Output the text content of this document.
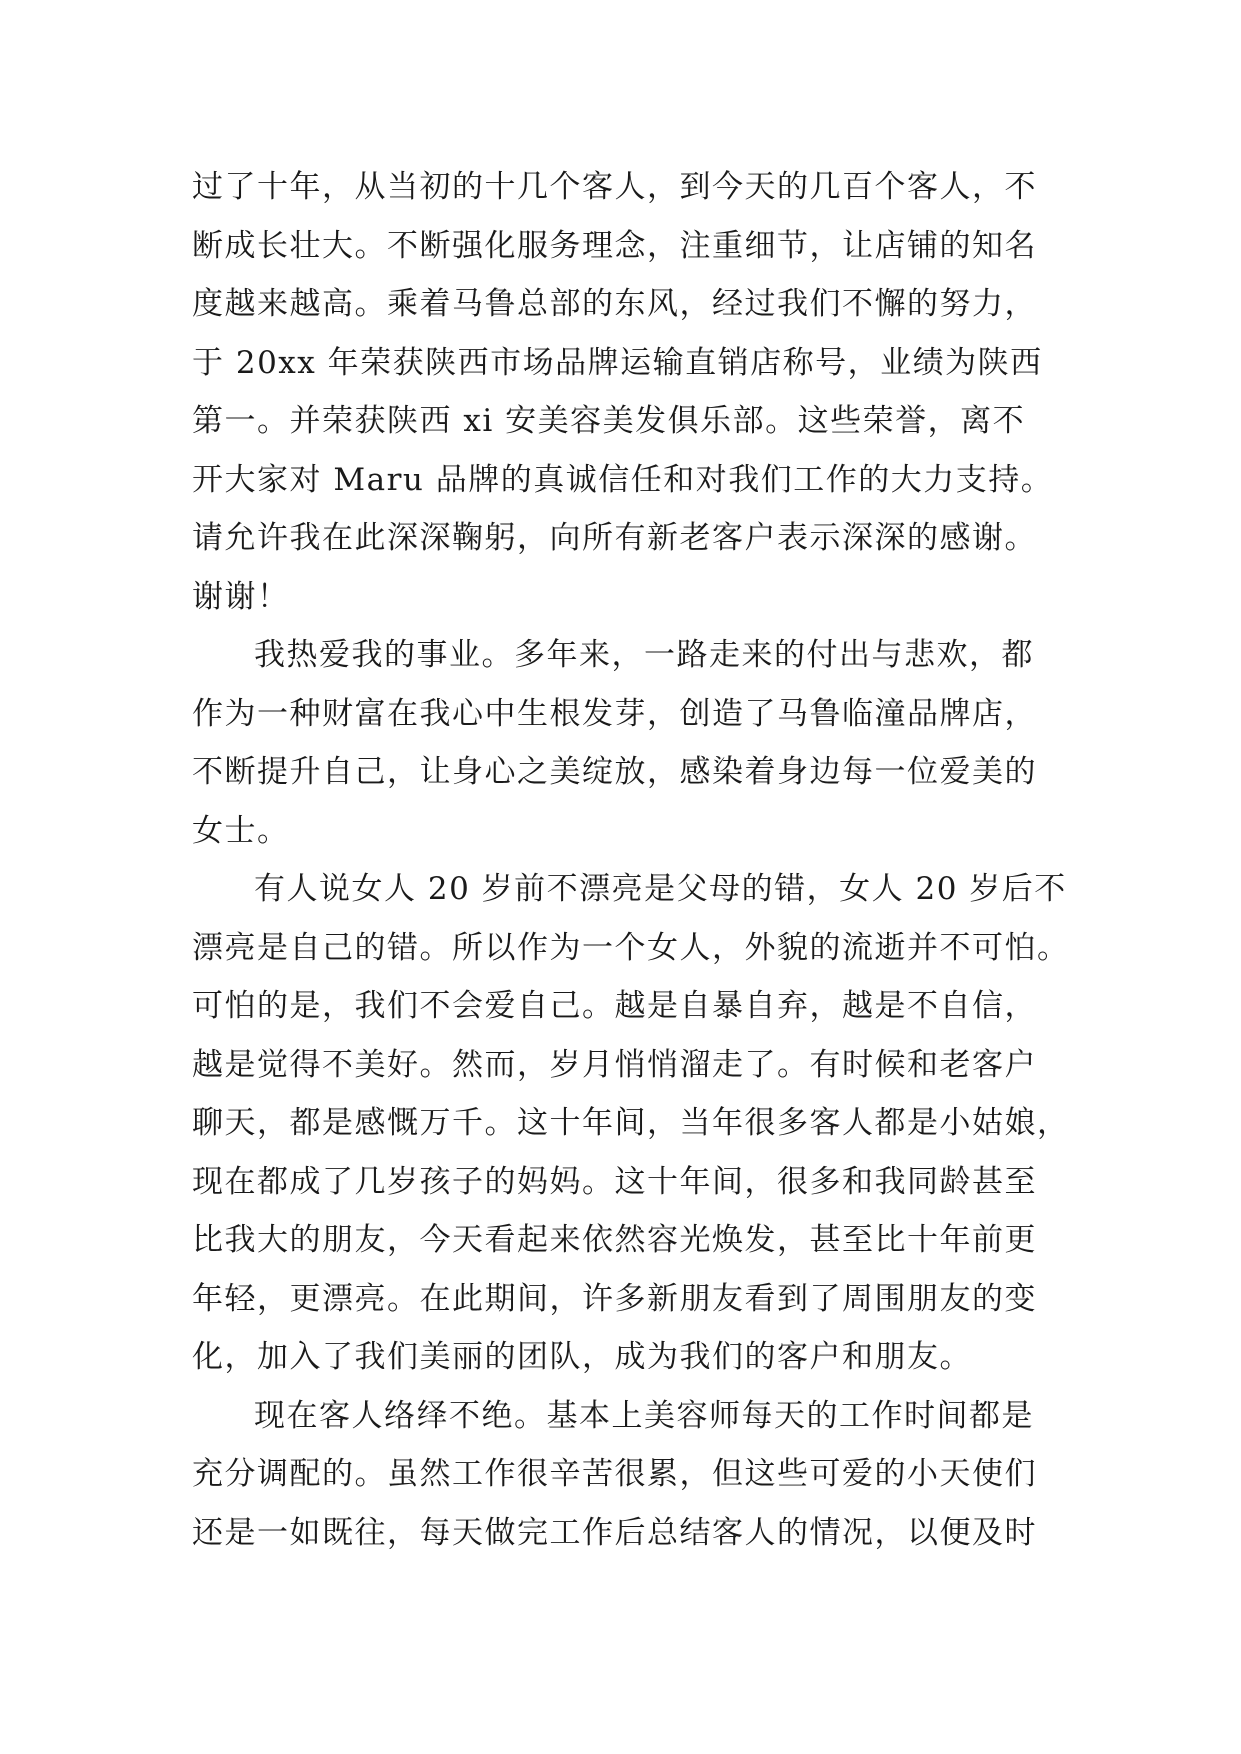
过了十年，从当初的十几个客人，到今天的几百个客人，不
断成长壮大。不断强化服务理念，注重细节，让店铺的知名
度越来越高。乘着马鲁总部的东风，经过我们不懈的努力，
于 20xx 年荣获陕西市场品牌运输直销店称号，业绩为陕西
第一。并荣获陕西 xi 安美容美发俱乐部。这些荣誉，离不
开大家对 Maru 品牌的真诚信任和对我们工作的大力支持。
请允许我在此深深鞠躬，向所有新老客户表示深深的感谢。
谢谢！
我热爱我的事业。多年来，一路走来的付出与悲欢，都
作为一种财富在我心中生根发芽，创造了马鲁临潼品牌店，
不断提升自己，让身心之美绽放，感染着身边每一位爱美的
女士。
有人说女人 20 岁前不漂亮是父母的错，女人 20 岁后不
漂亮是自己的错。所以作为一个女人，外貌的流逝并不可怕。
可怕的是，我们不会爱自己。越是自暴自弃，越是不自信，
越是觉得不美好。然而，岁月悄悄溜走了。有时候和老客户
聊天，都是感慨万千。这十年间，当年很多客人都是小姑娘，
现在都成了几岁孩子的妈妈。这十年间，很多和我同龄甚至
比我大的朋友，今天看起来依然容光焕发，甚至比十年前更
年轻，更漂亮。在此期间，许多新朋友看到了周围朋友的变
化，加入了我们美丽的团队，成为我们的客户和朋友。
现在客人络绎不绝。基本上美容师每天的工作时间都是
充分调配的。虽然工作很辛苦很累，但这些可爱的小天使们
还是一如既往，每天做完工作后总结客人的情况，以便及时
